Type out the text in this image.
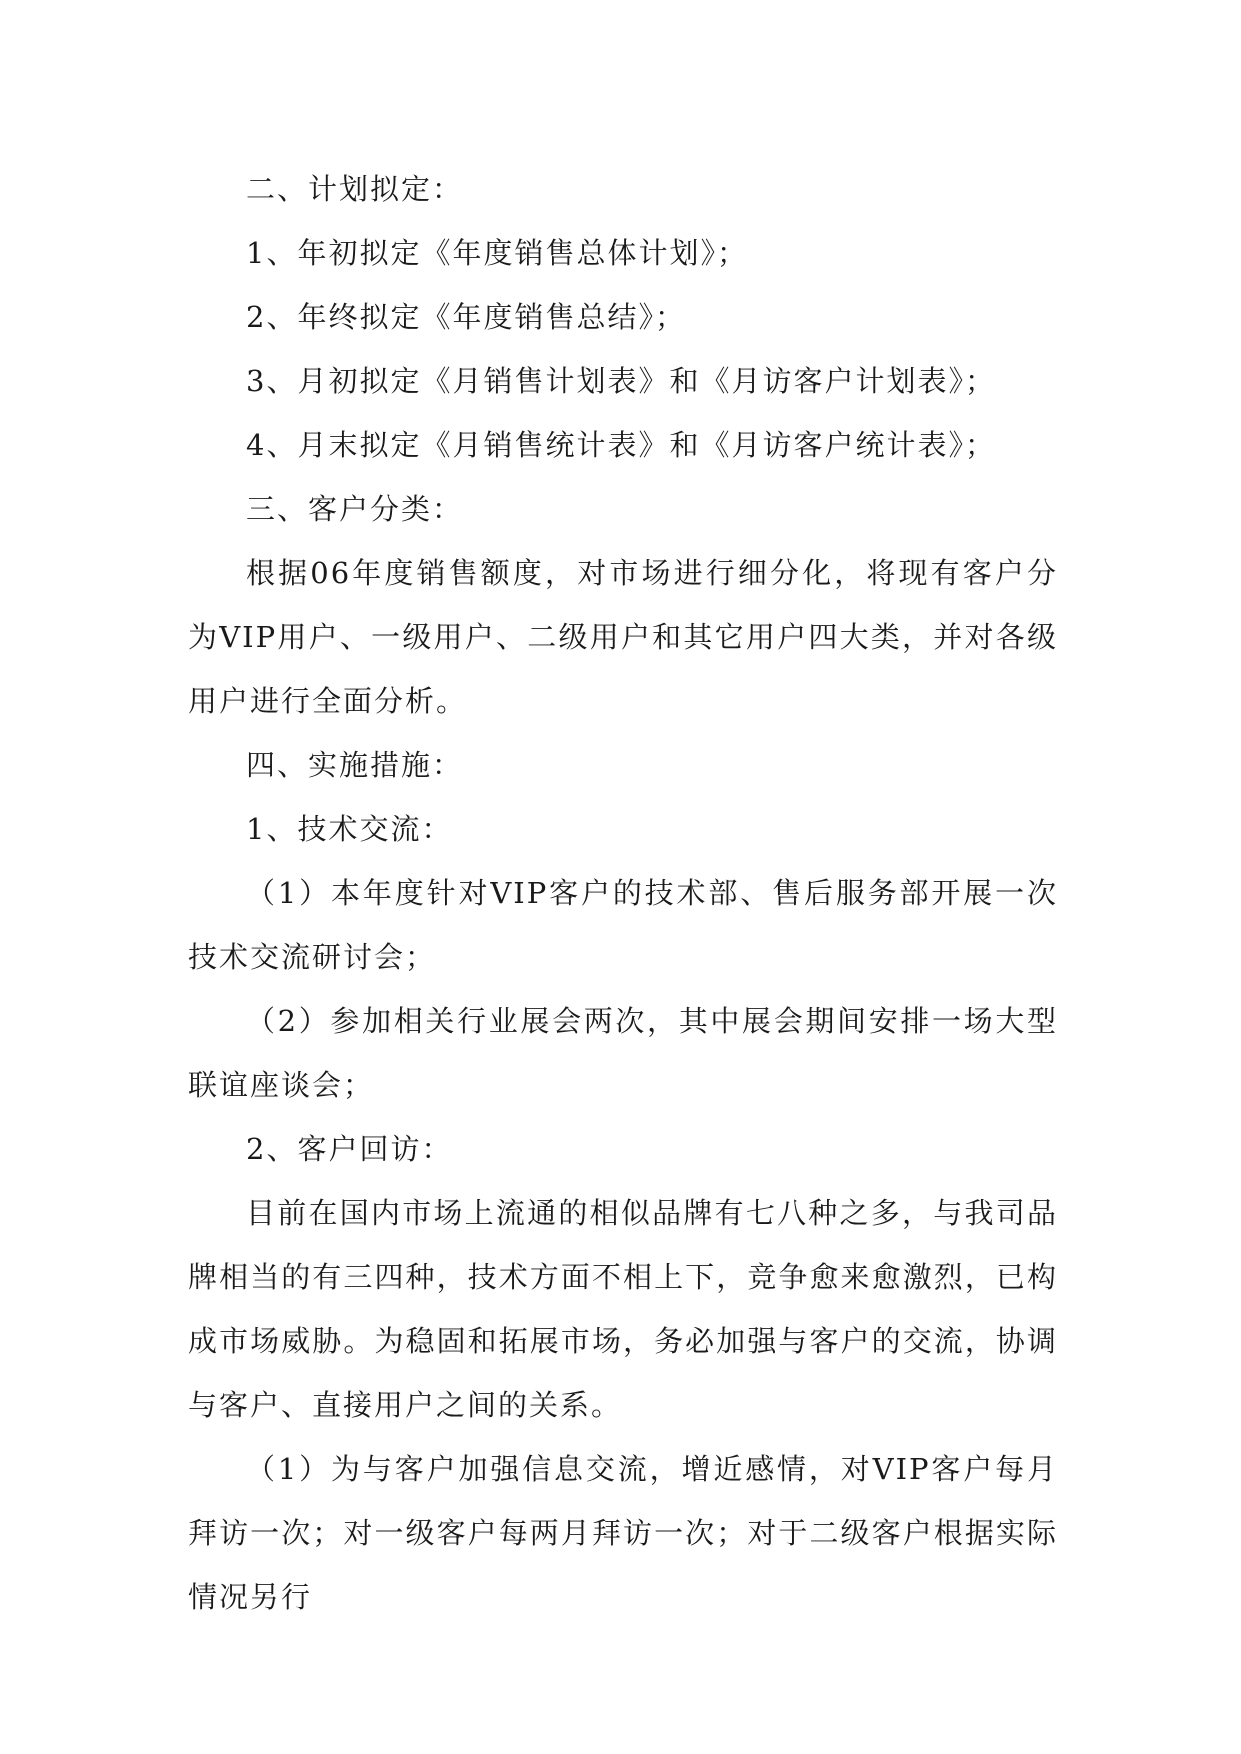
二、计划拟定：

1、年初拟定《年度销售总体计划》；

2、年终拟定《年度销售总结》；

3、月初拟定《月销售计划表》和《月访客户计划表》；

4、月末拟定《月销售统计表》和《月访客户统计表》；

三、客户分类：

根据06年度销售额度，对市场进行细分化，将现有客户分为VIP用户、一级用户、二级用户和其它用户四大类，并对各级用户进行全面分析。

四、实施措施：

1、技术交流：

（1）本年度针对VIP客户的技术部、售后服务部开展一次技术交流研讨会；

（2）参加相关行业展会两次，其中展会期间安排一场大型联谊座谈会；

2、客户回访：

目前在国内市场上流通的相似品牌有七八种之多，与我司品牌相当的有三四种，技术方面不相上下，竞争愈来愈激烈，已构成市场威胁。为稳固和拓展市场，务必加强与客户的交流，协调与客户、直接用户之间的关系。

（1）为与客户加强信息交流，增近感情，对VIP客户每月拜访一次；对一级客户每两月拜访一次；对于二级客户根据实际情况另行
